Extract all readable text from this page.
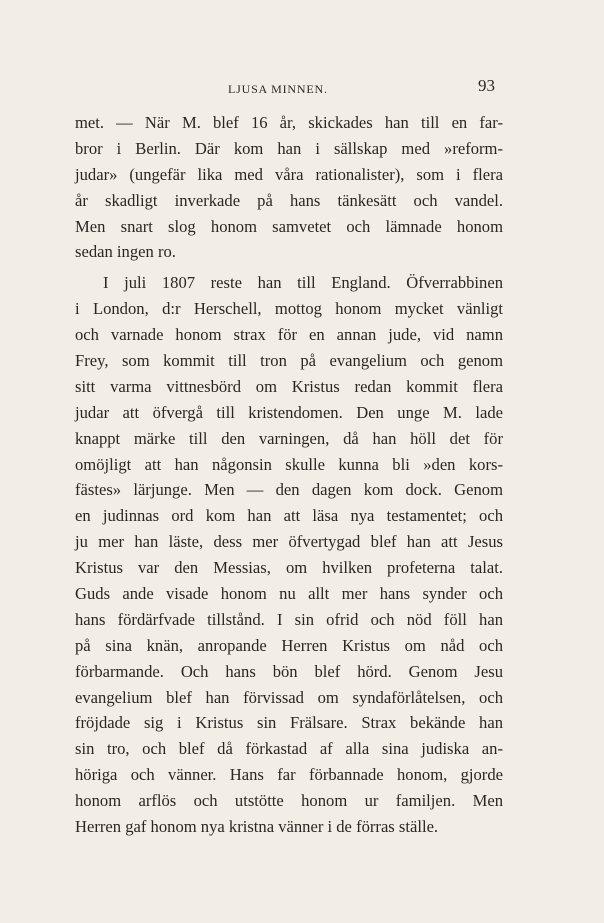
LJUSA MINNEN.	93
met. — När M. blef 16 år, skickades han till en far-
bror i Berlin. Där kom han i sällskap med »reform-
judar» (ungefär lika med våra rationalister), som i flera
år skadligt inverkade på hans tänkesätt och vandel.
Men snart slog honom samvetet och lämnade honom
sedan ingen ro.
I juli 1807 reste han till England. Öfverrabbinen
i London, d:r Herschell, mottog honom mycket vänligt
och varnade honom strax för en annan jude, vid namn
Frey, som kommit till tron på evangelium och genom
sitt varma vittnesbörd om Kristus redan kommit flera
judar att öfvergå till kristendomen. Den unge M. lade
knappt märke till den varningen, då han höll det för
omöjligt att han någonsin skulle kunna bli »den kors-
fästes» lärjunge. Men — den dagen kom dock. Genom
en judinnas ord kom han att läsa nya testamentet; och
ju mer han läste, dess mer öfvertygad blef han att Jesus
Kristus var den Messias, om hvilken profeterna talat.
Guds ande visade honom nu allt mer hans synder och
hans fördärfvade tillstånd. I sin ofrid och nöd föll han
på sina knän, anropande Herren Kristus om nåd och
förbarmande. Och hans bön blef hörd. Genom Jesu
evangelium blef han förvissad om syndaförlåtelsen, och
fröjdade sig i Kristus sin Frälsare. Strax bekände han
sin tro, och blef då förkastad af alla sina judiska an-
höriga och vänner. Hans far förbannade honom, gjorde
honom arflös och utstötte honom ur familjen. Men
Herren gaf honom nya kristna vänner i de förras ställe.
